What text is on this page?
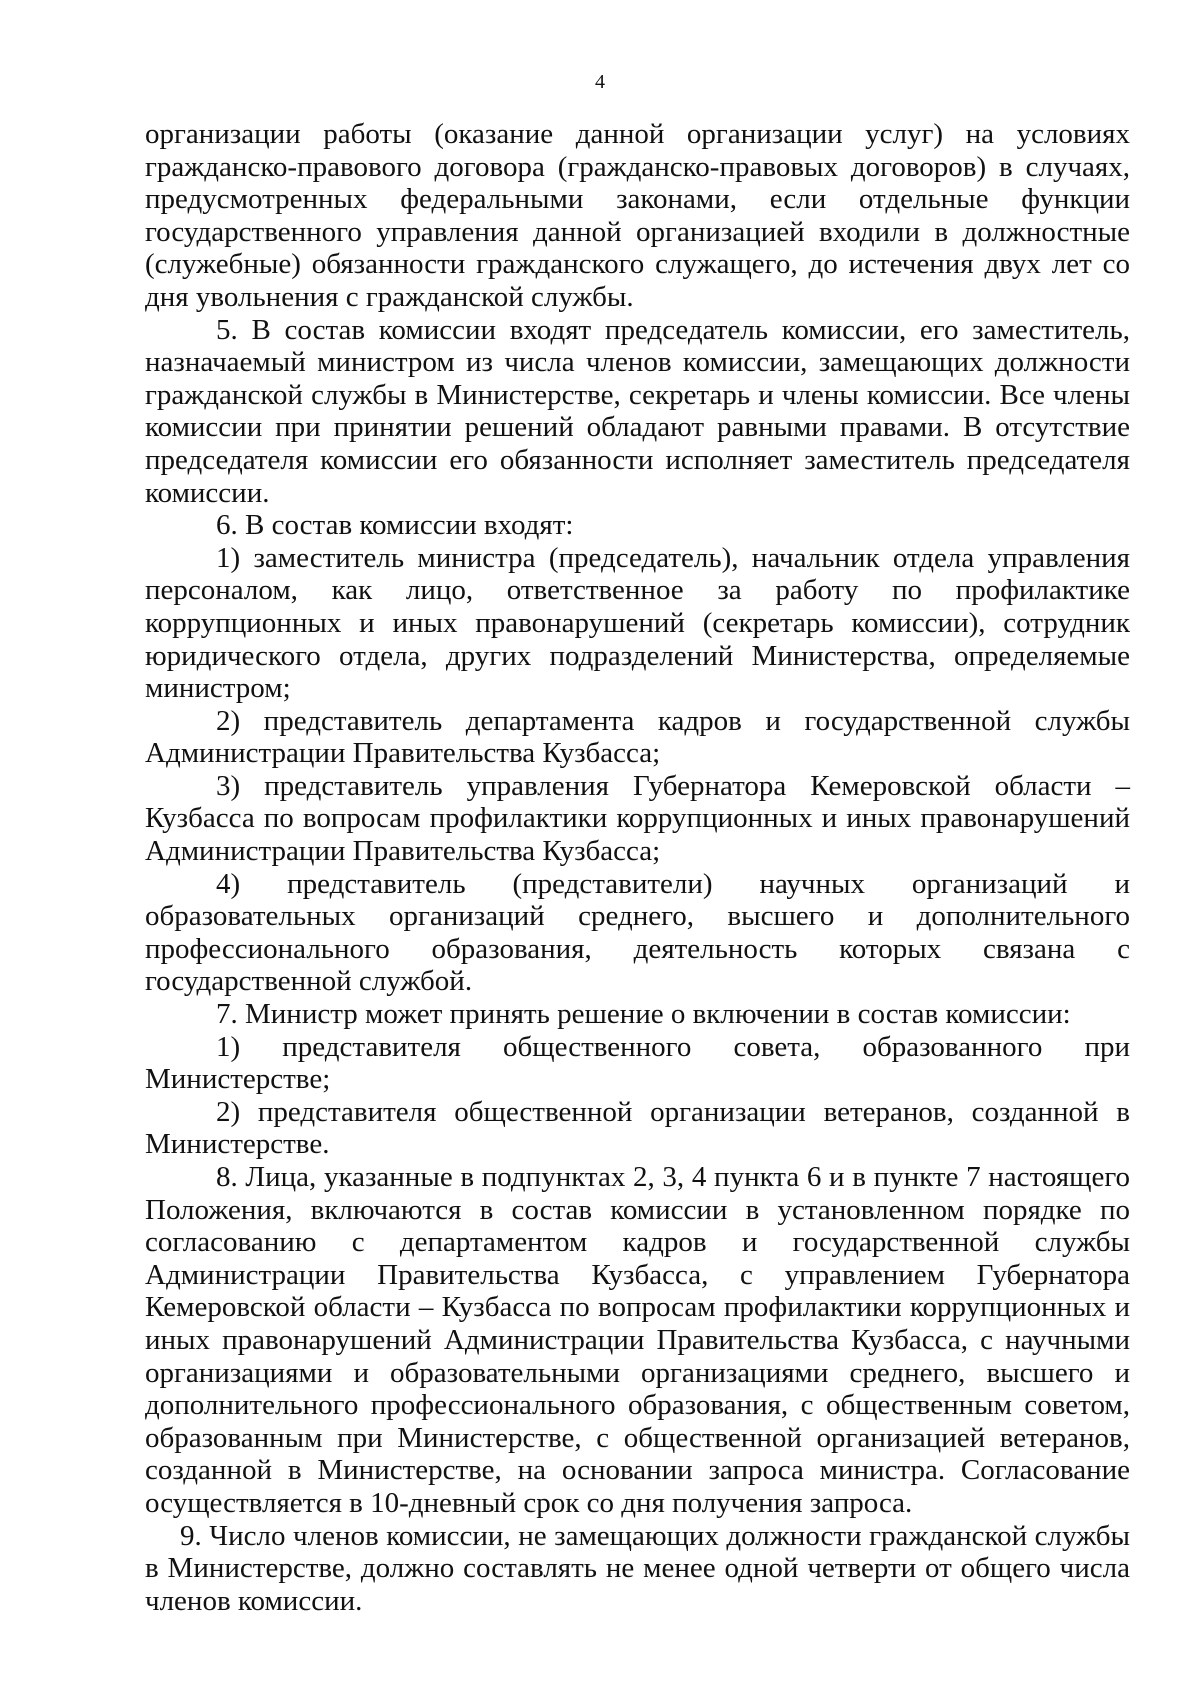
4

организации работы (оказание данной организации услуг) на условиях гражданско-правового договора (гражданско-правовых договоров) в случаях, предусмотренных федеральными законами, если отдельные функции государственного управления данной организацией входили в должностные (служебные) обязанности гражданского служащего, до истечения двух лет со дня увольнения с гражданской службы.

5. В состав комиссии входят председатель комиссии, его заместитель, назначаемый министром из числа членов комиссии, замещающих должности гражданской службы в Министерстве, секретарь и члены комиссии. Все члены комиссии при принятии решений обладают равными правами. В отсутствие председателя комиссии его обязанности исполняет заместитель председателя комиссии.

6. В состав комиссии входят:

1) заместитель министра (председатель), начальник отдела управления персоналом, как лицо, ответственное за работу по профилактике коррупционных и иных правонарушений (секретарь комиссии), сотрудник юридического отдела, других подразделений Министерства, определяемые министром;

2) представитель департамента кадров и государственной службы Администрации Правительства Кузбасса;

3) представитель управления Губернатора Кемеровской области – Кузбасса по вопросам профилактики коррупционных и иных правонарушений Администрации Правительства Кузбасса;

4) представитель (представители) научных организаций и образовательных организаций среднего, высшего и дополнительного профессионального образования, деятельность которых связана с государственной службой.

7. Министр может принять решение о включении в состав комиссии:

1) представителя общественного совета, образованного при Министерстве;

2) представителя общественной организации ветеранов, созданной в Министерстве.

8. Лица, указанные в подпунктах 2, 3, 4 пункта 6 и в пункте 7 настоящего Положения, включаются в состав комиссии в установленном порядке по согласованию с департаментом кадров и государственной службы Администрации Правительства Кузбасса, с управлением Губернатора Кемеровской области – Кузбасса по вопросам профилактики коррупционных и иных правонарушений Администрации Правительства Кузбасса, с научными организациями и образовательными организациями среднего, высшего и дополнительного профессионального образования, с общественным советом, образованным при Министерстве, с общественной организацией ветеранов, созданной в Министерстве, на основании запроса министра. Согласование осуществляется в 10-дневный срок со дня получения запроса.

9. Число членов комиссии, не замещающих должности гражданской службы в Министерстве, должно составлять не менее одной четверти от общего числа членов комиссии.
